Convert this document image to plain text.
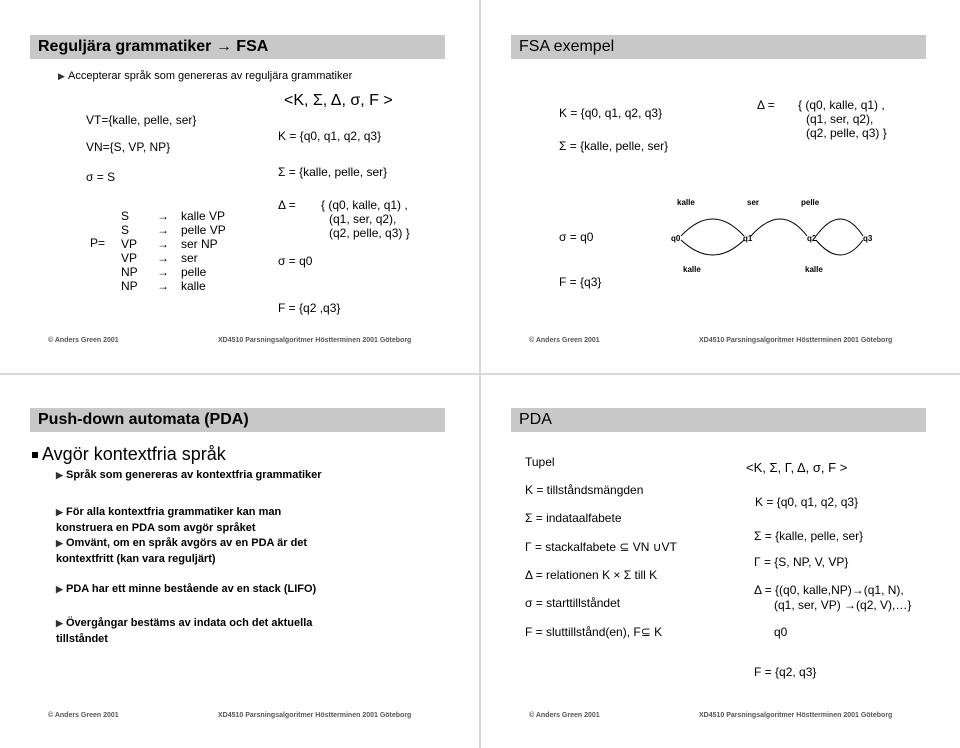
Reguljära grammatiker → FSA
▶ Accepterar språk som genereras av reguljära grammatiker
VT={kalle, pelle, ser}
VN={S, VP, NP}
σ = S
<K, Σ, Δ, σ, F >
K = {q0, q1, q2, q3}
Σ = {kalle, pelle, ser}
P=
S	→	kalle VP
S	→	pelle VP
VP	→	ser NP
VP	→	ser
NP	→	pelle
NP	→	kalle
Δ = { (q0, kalle, q1) ,
(q1, ser, q2),
(q2, pelle, q3) }
σ = q0
F = {q2 ,q3}
© Anders Green 2001	XD4510 Parsningsalgoritmer Höstterminen 2001 Göteborg
FSA exempel
K = {q0, q1, q2, q3}
Σ = {kalle, pelle, ser}
Δ = { (q0, kalle, q1) ,
(q1, ser, q2),
(q2, pelle, q3) }
σ = q0
F = {q3}
q0	q1	q2	q3
kalle	ser	pelle
kalle	kalle
© Anders Green 2001	XD4510 Parsningsalgoritmer Höstterminen 2001 Göteborg
Push-down automata (PDA)
Avgör kontextfria språk
▶ Språk som genereras av kontextfria grammatiker
▶ För alla kontextfria grammatiker kan man
konstruera en PDA som avgör språket
▶ Omvänt, om en språk avgörs av en PDA är det
kontextfritt (kan vara reguljärt)
▶ PDA har ett minne bestående av en stack (LIFO)
▶ Övergångar bestäms av indata och det aktuella
tillståndet
© Anders Green 2001	XD4510 Parsningsalgoritmer Höstterminen 2001 Göteborg
PDA
Tupel
K = tillståndsmängden
Σ = indataalfabete
Γ = stackalfabete ⊆ VN ∪VT
Δ = relationen K × Σ till K
σ = starttillståndet
F = sluttillstånd(en), F⊆ K
<K, Σ, Γ, Δ, σ, F >
K = {q0, q1, q2, q3}
Σ = {kalle, pelle, ser}
Γ = {S, NP, V, VP}
Δ = {(q0, kalle,NP)→(q1, N),
(q1, ser, VP) →(q2, V),…}
q0
F = {q2, q3}
© Anders Green 2001	XD4510 Parsningsalgoritmer Höstterminen 2001 Göteborg
